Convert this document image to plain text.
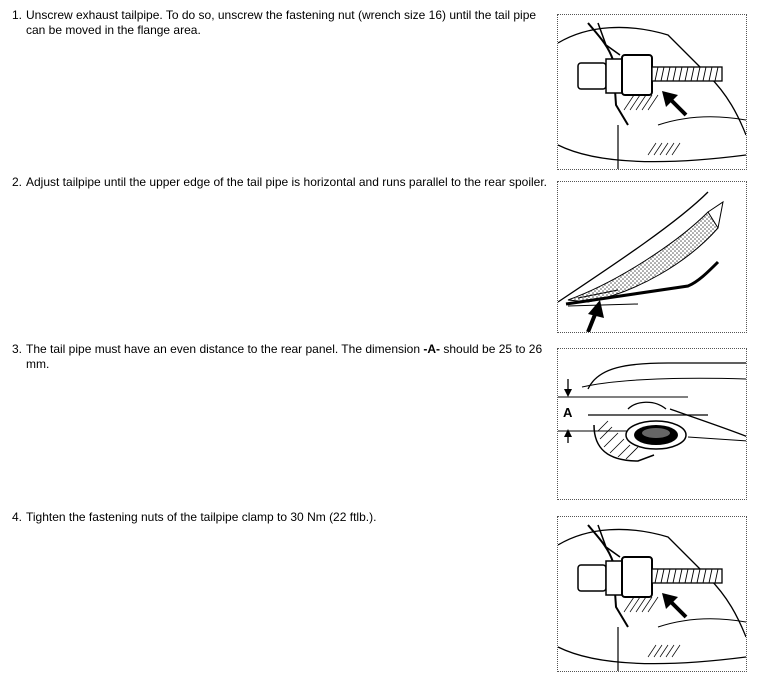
1. Unscrew exhaust tailpipe. To do so, unscrew the fastening nut (wrench size 16) until the tail pipe can be moved in the flange area.
2. Adjust tailpipe until the upper edge of the tail pipe is horizontal and runs parallel to the rear spoiler.
3. The tail pipe must have an even distance to the rear panel. The dimension -A- should be 25 to 26 mm.
A
4. Tighten the fastening nuts of the tailpipe clamp to 30 Nm (22 ftlb.).
